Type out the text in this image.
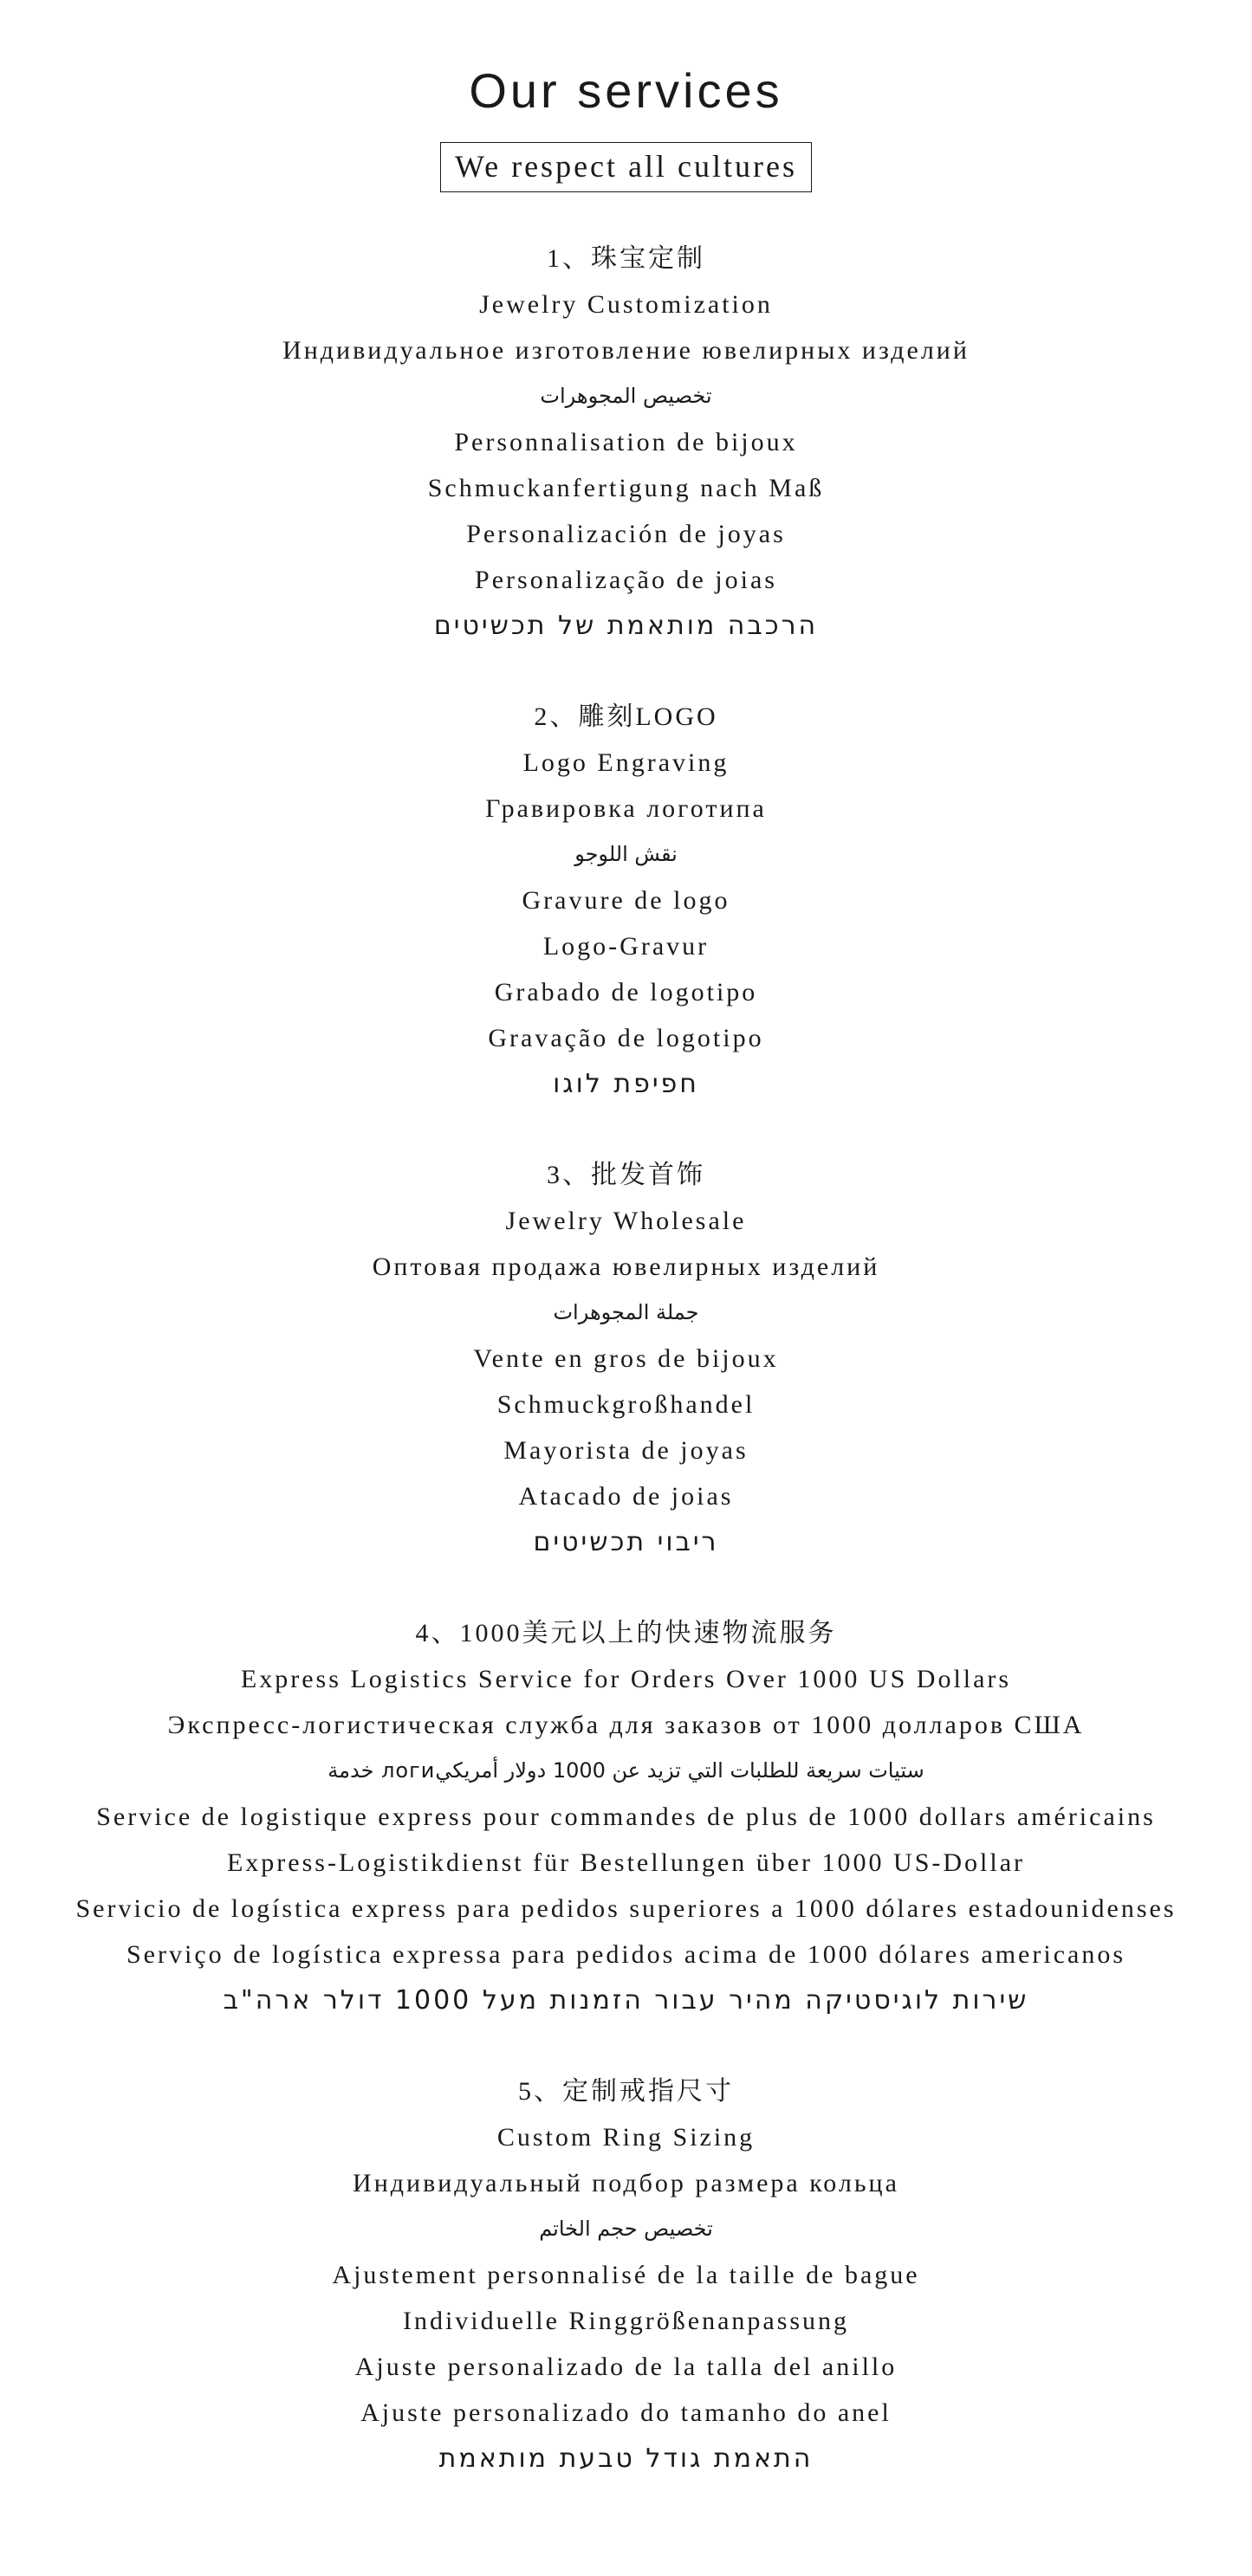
Our services
We respect all cultures
1、珠宝定制
Jewelry Customization
Индивидуальное изготовление ювелирных изделий
تخصيص المجوهرات
Personnalisation de bijoux
Schmuckanfertigung nach Maß
Personalización de joyas
Personalização de joias
הרכבה מותאמת של תכשיטים
2、雕刻LOGO
Logo Engraving
Гравировка логотипа
نقش اللوجو
Gravure de logo
Logo-Gravur
Grabado de logotipo
Gravação de logotipo
חפיפת לוגו
3、批发首饰
Jewelry Wholesale
Оптовая продажа ювелирных изделий
جملة المجوهرات
Vente en gros de bijoux
Schmuckgroßhandel
Mayorista de joyas
Atacado de joias
ריבוי תכשיטים
4、1000美元以上的快速物流服务
Express Logistics Service for Orders Over 1000 US Dollars
Экспресс-логистическая служба для заказов от 1000 долларов США
ستيات سريعة للطلبات التي تزيد عن 1000 دولار أمريكيлоги خدمة
Service de logistique express pour commandes de plus de 1000 dollars américains
Express-Logistikdienst für Bestellungen über 1000 US-Dollar
Servicio de logística express para pedidos superiores a 1000 dólares estadounidenses
Serviço de logística expressa para pedidos acima de 1000 dólares americanos
שירות לוגיסטיקה מהיר עבור הזמנות מעל 1000 דולר ארה"ב
5、定制戒指尺寸
Custom Ring Sizing
Индивидуальный подбор размера кольца
تخصيص حجم الخاتم
Ajustement personnalisé de la taille de bague
Individuelle Ringgrößenanpassung
Ajuste personalizado de la talla del anillo
Ajuste personalizado do tamanho do anel
התאמת גודל טבעת מותאמת
